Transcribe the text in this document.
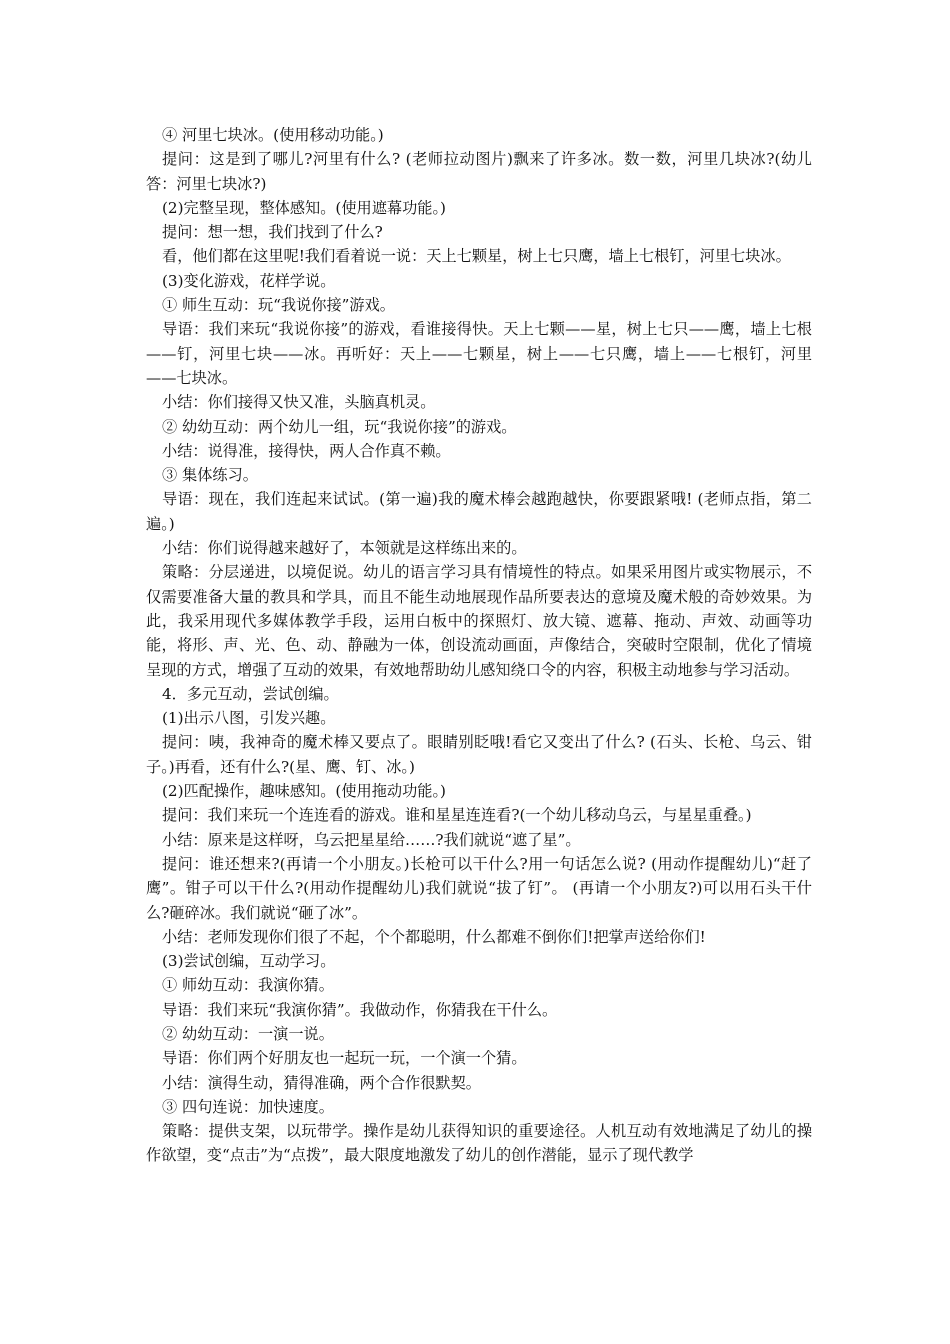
④ 河里七块冰。(使用移动功能。)

提问：这是到了哪儿?河里有什么? (老师拉动图片)飘来了许多冰。数一数，河里几块冰?(幼儿答：河里七块冰?)

(2)完整呈现，整体感知。(使用遮幕功能。)

提问：想一想，我们找到了什么?

看，他们都在这里呢!我们看着说一说：天上七颗星，树上七只鹰，墙上七根钉，河里七块冰。

(3)变化游戏，花样学说。

① 师生互动：玩“我说你接”游戏。

导语：我们来玩“我说你接”的游戏，看谁接得快。天上七颗——星，树上七只——鹰，墙上七根——钉，河里七块——冰。再听好：天上——七颗星，树上——七只鹰，墙上——七根钉，河里——七块冰。

小结：你们接得又快又准，头脑真机灵。

② 幼幼互动：两个幼儿一组，玩“我说你接”的游戏。

小结：说得准，接得快，两人合作真不赖。

③ 集体练习。

导语：现在，我们连起来试试。(第一遍)我的魔术棒会越跑越快，你要跟紧哦! (老师点指，第二遍。)

小结：你们说得越来越好了，本领就是这样练出来的。

策略：分层递进，以境促说。幼儿的语言学习具有情境性的特点。如果采用图片或实物展示，不仅需要准备大量的教具和学具，而且不能生动地展现作品所要表达的意境及魔术般的奇妙效果。为此，我采用现代多媒体教学手段，运用白板中的探照灯、放大镜、遮幕、拖动、声效、动画等功能，将形、声、光、色、动、静融为一体，创设流动画面，声像结合，突破时空限制，优化了情境呈现的方式，增强了互动的效果，有效地帮助幼儿感知绕口令的内容，积极主动地参与学习活动。

4．多元互动，尝试创编。

(1)出示八图，引发兴趣。

提问：咦，我神奇的魔术棒又要点了。眼睛别眨哦!看它又变出了什么? (石头、长枪、乌云、钳子。)再看，还有什么?(星、鹰、钉、冰。)

(2)匹配操作，趣味感知。(使用拖动功能。)

提问：我们来玩一个连连看的游戏。谁和星星连连看?(一个幼儿移动乌云，与星星重叠。)

小结：原来是这样呀，乌云把星星给……?我们就说“遮了星”。

提问：谁还想来?(再请一个小朋友。)长枪可以干什么?用一句话怎么说? (用动作提醒幼儿)“赶了鹰”。钳子可以干什么?(用动作提醒幼儿)我们就说“拔了钉”。 (再请一个小朋友?)可以用石头干什么?砸碎冰。我们就说“砸了冰”。

小结：老师发现你们很了不起，个个都聪明，什么都难不倒你们!把掌声送给你们!

(3)尝试创编，互动学习。

① 师幼互动：我演你猜。

导语：我们来玩“我演你猜”。我做动作，你猜我在干什么。

② 幼幼互动：一演一说。

导语：你们两个好朋友也一起玩一玩，一个演一个猜。

小结：演得生动，猜得准确，两个合作很默契。

③ 四句连说：加快速度。

策略：提供支架，以玩带学。操作是幼儿获得知识的重要途径。人机互动有效地满足了幼儿的操作欲望，变“点击”为“点拨”，最大限度地激发了幼儿的创作潜能，显示了现代教学
